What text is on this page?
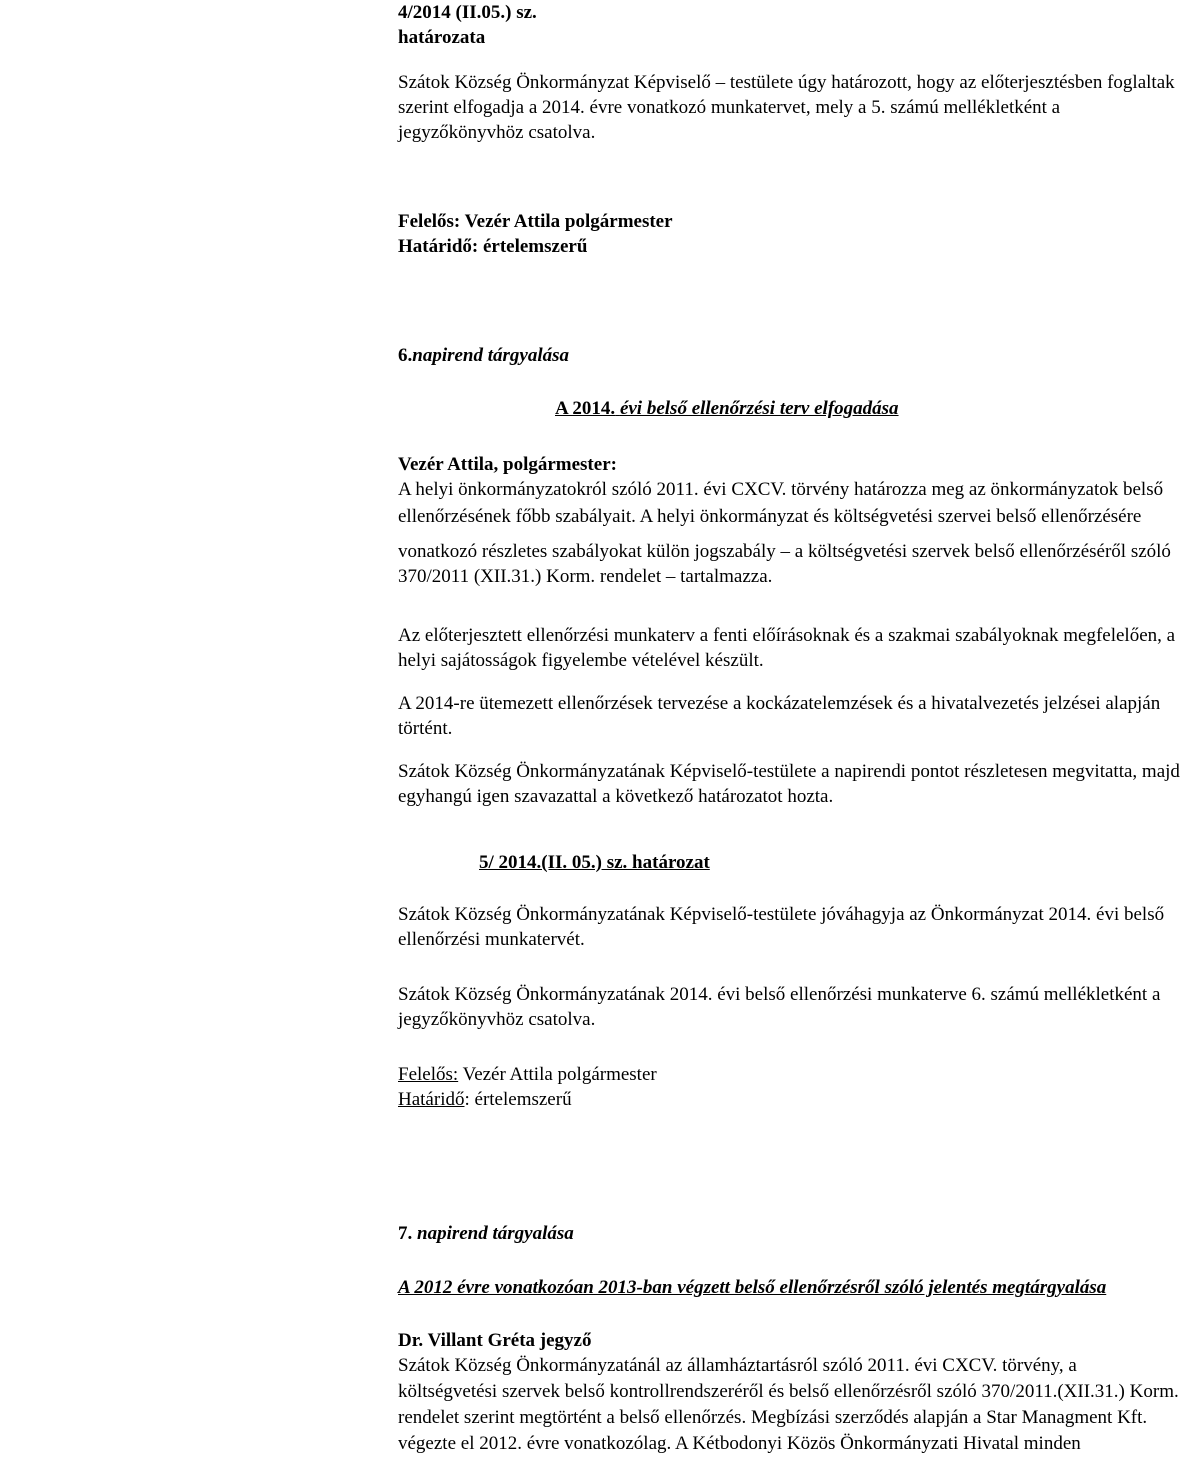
4/2014 (II.05.) sz.
határozata
Szátok Község Önkormányzat Képviselő – testülete úgy határozott, hogy az előterjesztésben foglaltak
szerint elfogadja a 2014. évre vonatkozó munkatervet, mely a 5. számú mellékletként a
jegyzőkönyvhöz csatolva.
Felelős: Vezér Attila polgármester
Határidő: értelemszerű
6.napirend tárgyalása
A 2014. évi belső ellenőrzési terv elfogadása
Vezér Attila, polgármester:
A helyi önkormányzatokról szóló 2011. évi CXCV. törvény határozza meg az önkormányzatok belső
ellenőrzésének főbb szabályait. A helyi önkormányzat és költségvetési szervei belső ellenőrzésére
vonatkozó részletes szabályokat külön jogszabály – a költségvetési szervek belső ellenőrzéséről szóló
370/2011 (XII.31.) Korm. rendelet – tartalmazza.
Az előterjesztett ellenőrzési munkaterv a fenti előírásoknak és a szakmai szabályoknak megfelelően, a
helyi sajátosságok figyelembe vételével készült.
A 2014-re ütemezett ellenőrzések tervezése a kockázatelemzések és a hivatalvezetés jelzései alapján
történt.
Szátok Község Önkormányzatának Képviselő-testülete a napirendi pontot részletesen megvitatta, majd
egyhangú igen szavazattal a következő határozatot hozta.
5/ 2014.(II. 05.) sz. határozat
Szátok Község Önkormányzatának Képviselő-testülete jóváhagyja az Önkormányzat 2014. évi belső
ellenőrzési munkatervét.
Szátok Község Önkormányzatának 2014. évi belső ellenőrzési munkaterve 6. számú mellékletként a
jegyzőkönyvhöz csatolva.
Felelős: Vezér Attila polgármester
Határidő: értelemszerű
7. napirend tárgyalása
A 2012 évre vonatkozóan 2013-ban végzett belső ellenőrzésről szóló jelentés megtárgyalása
Dr. Villant Gréta jegyző
Szátok Község Önkormányzatánál az államháztartásról szóló 2011. évi CXCV. törvény, a
költségvetési szervek belső kontrollrendszeréről és belső ellenőrzésről szóló 370/2011.(XII.31.) Korm.
rendelet szerint megtörtént a belső ellenőrzés. Megbízási szerződés alapján a Star Managment Kft.
végezte el 2012. évre vonatkozólag. A Kétbodonyi Közös Önkormányzati Hivatal minden
